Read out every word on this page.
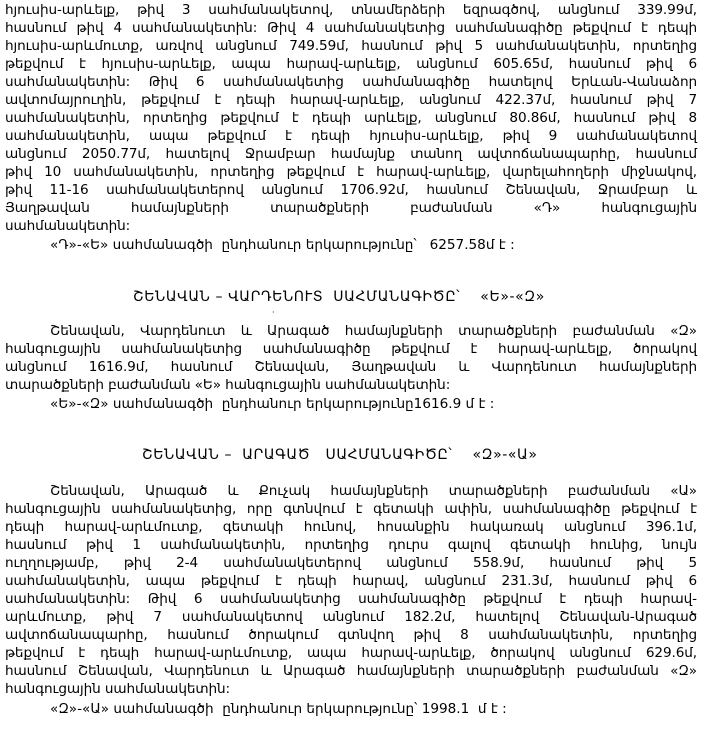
հյուսիս-արևելք, թիվ 3 սահմանակետով, տնամերձերի եզրագծով, անցնում 339.99մ,
հասնում թիվ 4 սահմանակետին: Թիվ 4 սահմանակետից սահմանագիծը թեքվում է դեպի
հյուսիս-արևմուտք, առվով անցնում 749.59մ, հասնում թիվ 5 սահմանակետին, որտեղից
թեքվում է հյուսիս-արևելք, ապա հարավ-արևելք, անցնում 605.65մ, հասնում թիվ 6
սահմանակետին: Թիվ 6 սահմանակետից սահմանագիծը հատելով Երևան-Վանաձոր
ավտոմայրուղին, թեքվում է դեպի հարավ-արևելք, անցնում 422.37մ, հասնում թիվ 7
սահմանակետին, որտեղից թեքվում է դեպի արևելք, անցնում 80.86մ, հասնում թիվ 8
սահմանակետին, ապա թեքվում է դեպի հյուսիս-արևելք, թիվ 9 սահմանակետով
անցնում 2050.77մ, հատելով Ջրամբար համայնք տանող ավտոճանապարհը, հասնում
թիվ 10 սահմանակետին, որտեղից թեքվում է հարավ-արևելք, վարելահողերի միջնակով,
թիվ 11-16 սահմանակետերով անցնում 1706.92մ, հասնում Շենավան, Ջրամբար և
Յաղթավան համայնքների տարածքների բաժանման «Դ» հանգուցային
սահմանակետին:
«Դ»-«Ե» սահմանագծի  ընդհանուր երկարությունը՝   6257.58մ է :
ՇԵՆԱՎԱՆ – ՎԱՐԴԵՆՈՒՏ  ՍԱՀՄԱՆԱԳԻԾԸ՝    «Ե»-«Զ»
·
Շենավան, Վարդենուտ և Արագած համայնքների տարածքների բաժանման «Զ»
հանգուցային սահմանակետից սահմանագիծը թեքվում է հարավ-արևելք, ծորակով
անցնում 1616.9մ, հասնում Շենավան, Յաղթավան և Վարդենուտ համայնքների
տարածքների բաժանման «Ե» հանգուցային սահմանակետին:
«Ե»-«Զ» սահմանագծի  ընդհանուր երկարությունը1616.9 մ է :
ՇԵՆԱՎԱՆ –  ԱՐԱԳԱԾ   ՍԱՀՄԱՆԱԳԻԾԸ՝    «Զ»-«Ա»
Շենավան, Արագած և Քուչակ համայնքների տարածքների բաժանման «Ա»
հանգուցային սահմանակետից, որը գտնվում է գետակի ափին, սահմանագիծը թեքվում է
դեպի հարավ-արևմուտք, գետակի հունով, հոսանքին հակառակ անցնում 396.1մ,
հասնում թիվ 1 սահմանակետին, որտեղից դուրս գալով գետակի հունից, նույն
ուղղությամբ, թիվ 2-4 սահմանակետերով անցնում 558.9մ, հասնում թիվ 5
սահմանակետին, ապա թեքվում է դեպի հարավ, անցնում 231.3մ, հասնում թիվ 6
սահմանակետին: Թիվ 6 սահմանակետից սահմանագիծը թեքվում է դեպի հարավ-
արևմուտք, թիվ 7 սահմանակետով անցնում 182.2մ, հատելով Շենավան-Արագած
ավտոճանապարհը, հասնում ծորակում գտնվող թիվ 8 սահմանակետին, որտեղից
թեքվում է դեպի հարավ-արևմուտք, ապա հարավ-արևելք, ծորակով անցնում 629.6մ,
հասնում Շենավան, Վարդենուտ և Արագած համայնքների տարածքների բաժանման «Զ»
հանգուցային սահմանակետին:
«Զ»-«Ա» սահմանագծի  ընդհանուր երկարությունը՝ 1998.1  մ է :
